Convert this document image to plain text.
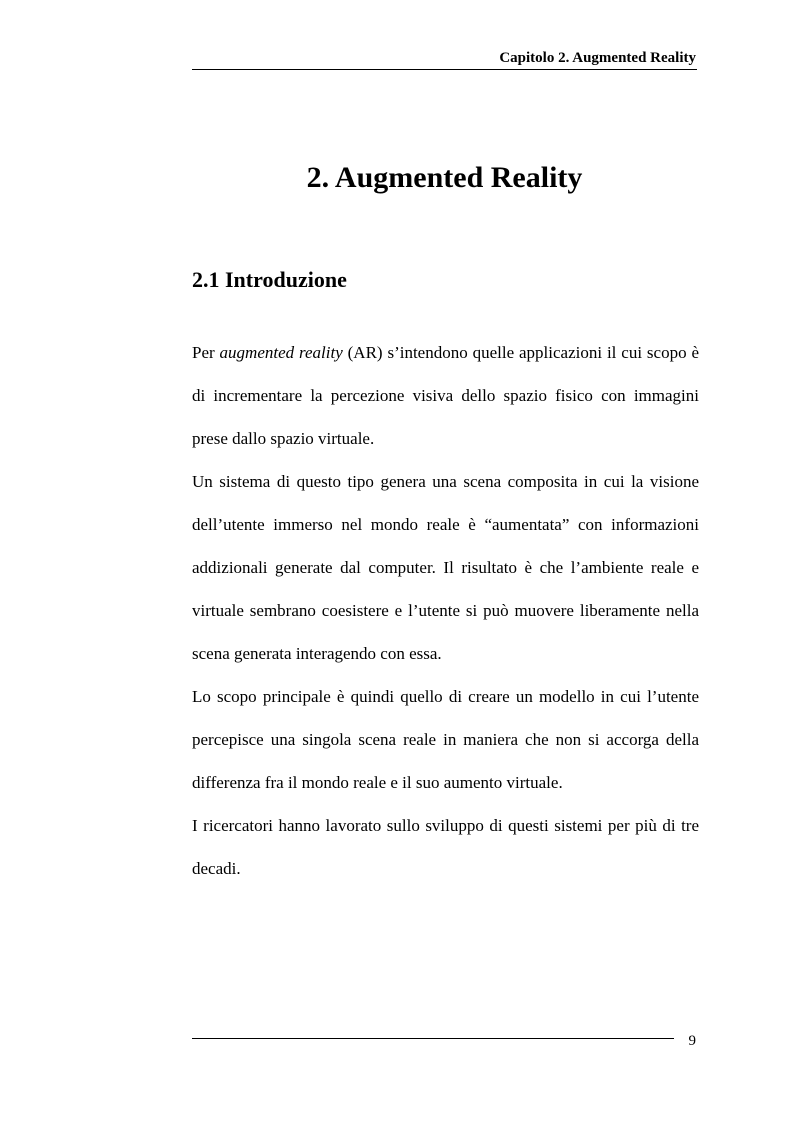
Capitolo 2. Augmented Reality
2. Augmented Reality
2.1 Introduzione

Per augmented reality (AR) s’intendono quelle applicazioni il cui scopo è di incrementare la percezione visiva dello spazio fisico con immagini prese dallo spazio virtuale.

Un sistema di questo tipo genera una scena composita in cui la visione dell’utente immerso nel mondo reale è “aumentata” con informazioni addizionali generate dal computer. Il risultato è che l’ambiente reale e virtuale sembrano coesistere e l’utente si può muovere liberamente nella scena generata interagendo con essa.

Lo scopo principale è quindi quello di creare un modello in cui l’utente percepisce una singola scena reale in maniera che non si accorga della differenza fra il mondo reale e il suo aumento virtuale.

I ricercatori hanno lavorato sullo sviluppo di questi sistemi per più di tre decadi.

9
